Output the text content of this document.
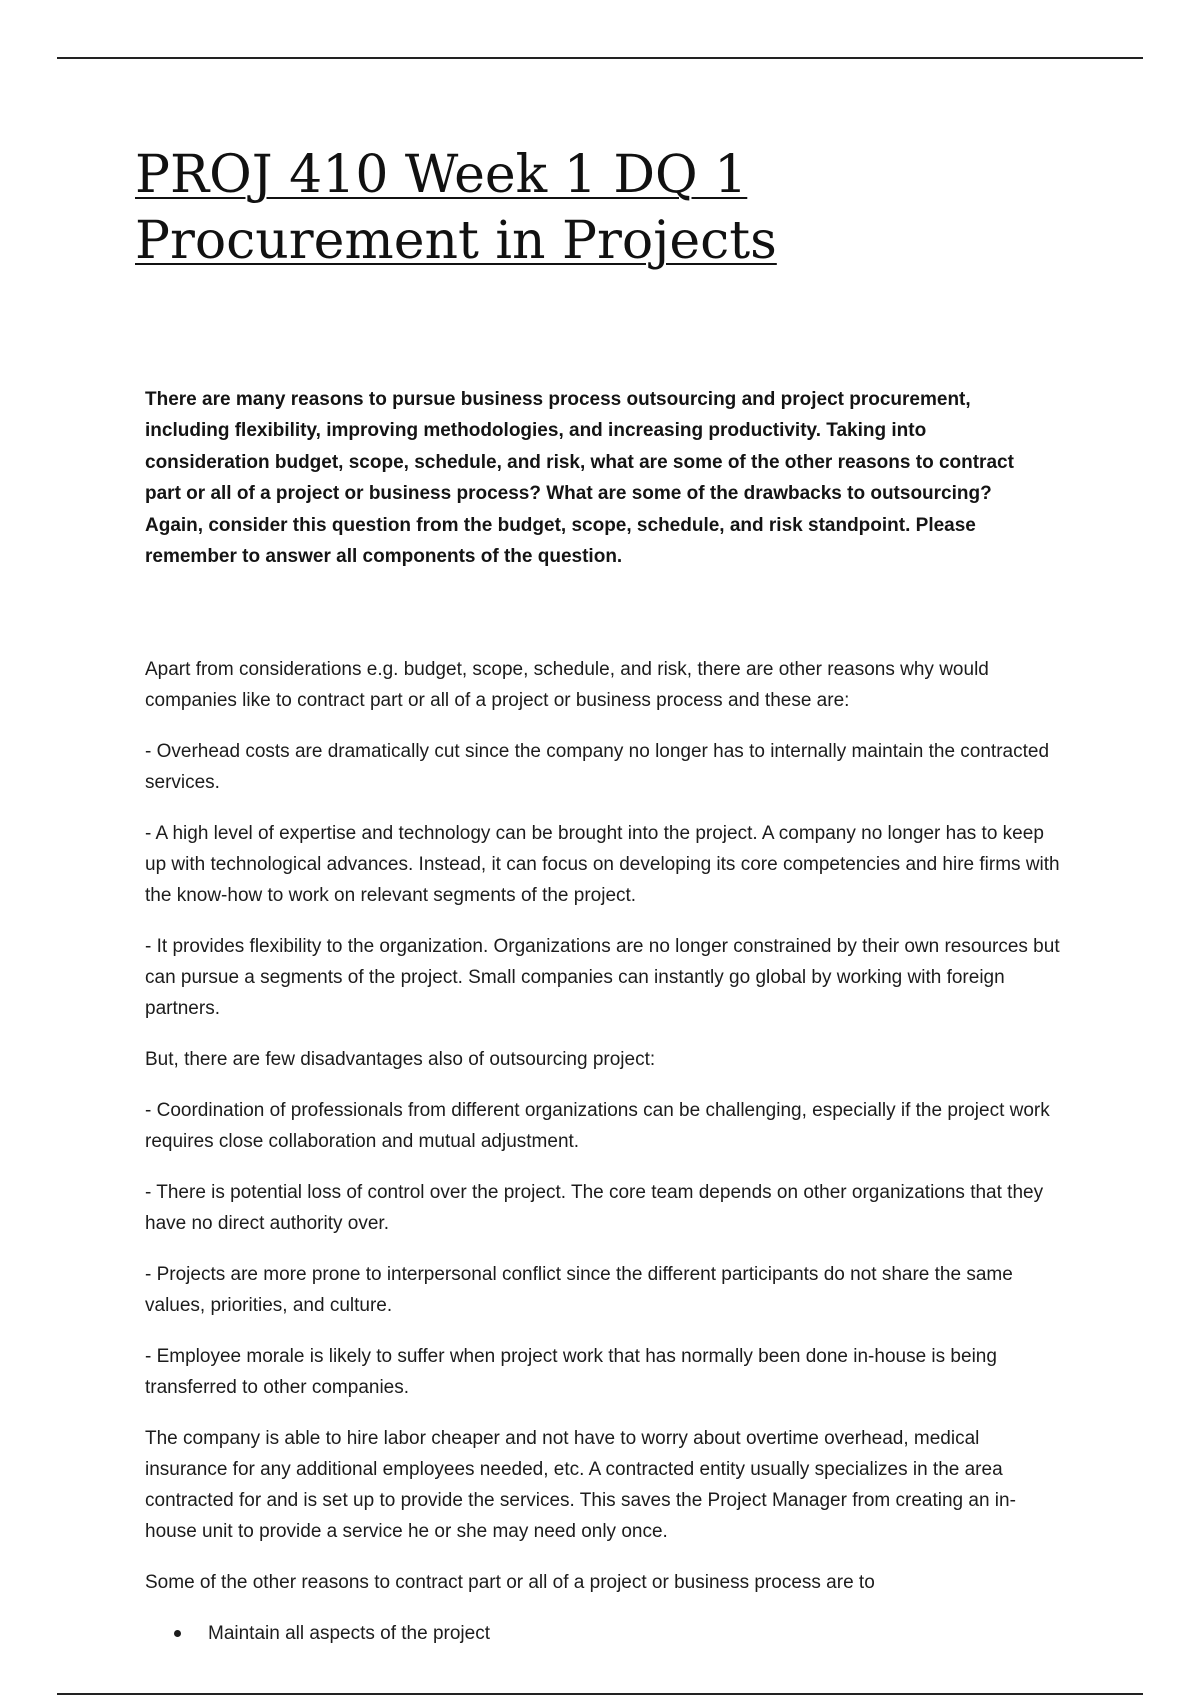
PROJ 410 Week 1 DQ 1 Procurement in Projects

There are many reasons to pursue business process outsourcing and project procurement, including flexibility, improving methodologies, and increasing productivity. Taking into consideration budget, scope, schedule, and risk, what are some of the other reasons to contract part or all of a project or business process? What are some of the drawbacks to outsourcing? Again, consider this question from the budget, scope, schedule, and risk standpoint. Please remember to answer all components of the question.

Apart from considerations e.g. budget, scope, schedule, and risk, there are other reasons why would companies like to contract part or all of a project or business process and these are:

- Overhead costs are dramatically cut since the company no longer has to internally maintain the contracted services.

- A high level of expertise and technology can be brought into the project. A company no longer has to keep up with technological advances. Instead, it can focus on developing its core competencies and hire firms with the know-how to work on relevant segments of the project.

- It provides flexibility to the organization. Organizations are no longer constrained by their own resources but can pursue a segments of the project. Small companies can instantly go global by working with foreign partners.

But, there are few disadvantages also of outsourcing project:

- Coordination of professionals from different organizations can be challenging, especially if the project work requires close collaboration and mutual adjustment.

- There is potential loss of control over the project. The core team depends on other organizations that they have no direct authority over.

- Projects are more prone to interpersonal conflict since the different participants do not share the same values, priorities, and culture.

- Employee morale is likely to suffer when project work that has normally been done in-house is being transferred to other companies.

The company is able to hire labor cheaper and not have to worry about overtime overhead, medical insurance for any additional employees needed, etc. A contracted entity usually specializes in the area contracted for and is set up to provide the services. This saves the Project Manager from creating an in-house unit to provide a service he or she may need only once.

Some of the other reasons to contract part or all of a project or business process are to

Maintain all aspects of the project
